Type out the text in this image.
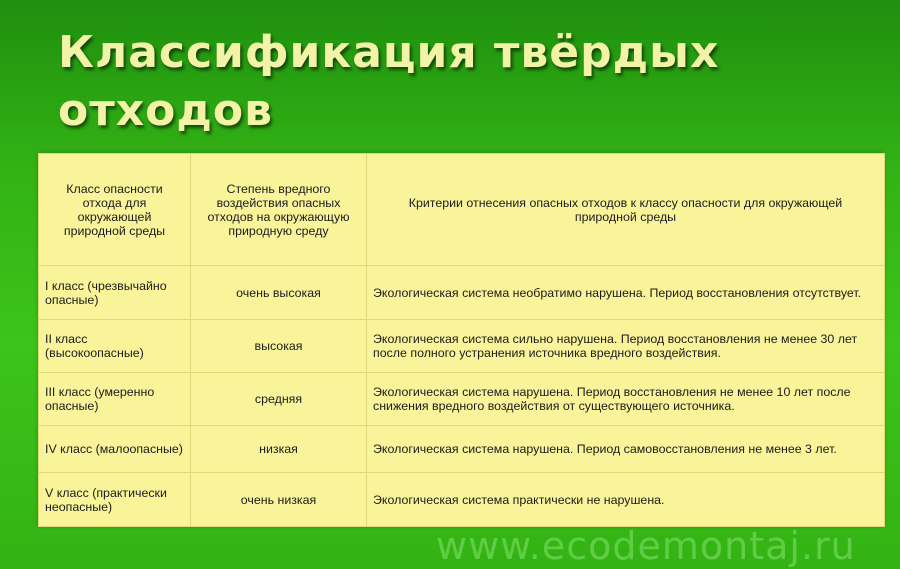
Классификация твёрдых отходов
Класс опасности отхода для окружающей природной среды	Степень вредного воздействия опасных отходов на окружающую природную среду	Критерии отнесения опасных отходов к классу опасности для окружающей природной среды
I класс (чрезвычайно опасные)	очень высокая	Экологическая система необратимо нарушена. Период восстановления отсутствует.
II класс (высокоопасные)	высокая	Экологическая система сильно нарушена. Период восстановления не менее 30 лет после полного устранения источника вредного воздействия.
III класс (умеренно опасные)	средняя	Экологическая система нарушена. Период восстановления не менее 10 лет после снижения вредного воздействия от существующего источника.
IV класс (малоопасные)	низкая	Экологическая система нарушена. Период самовосстановления не менее 3 лет.
V класс (практически неопасные)	очень низкая	Экологическая система практически не нарушена.
www.ecodemontaj.ru
